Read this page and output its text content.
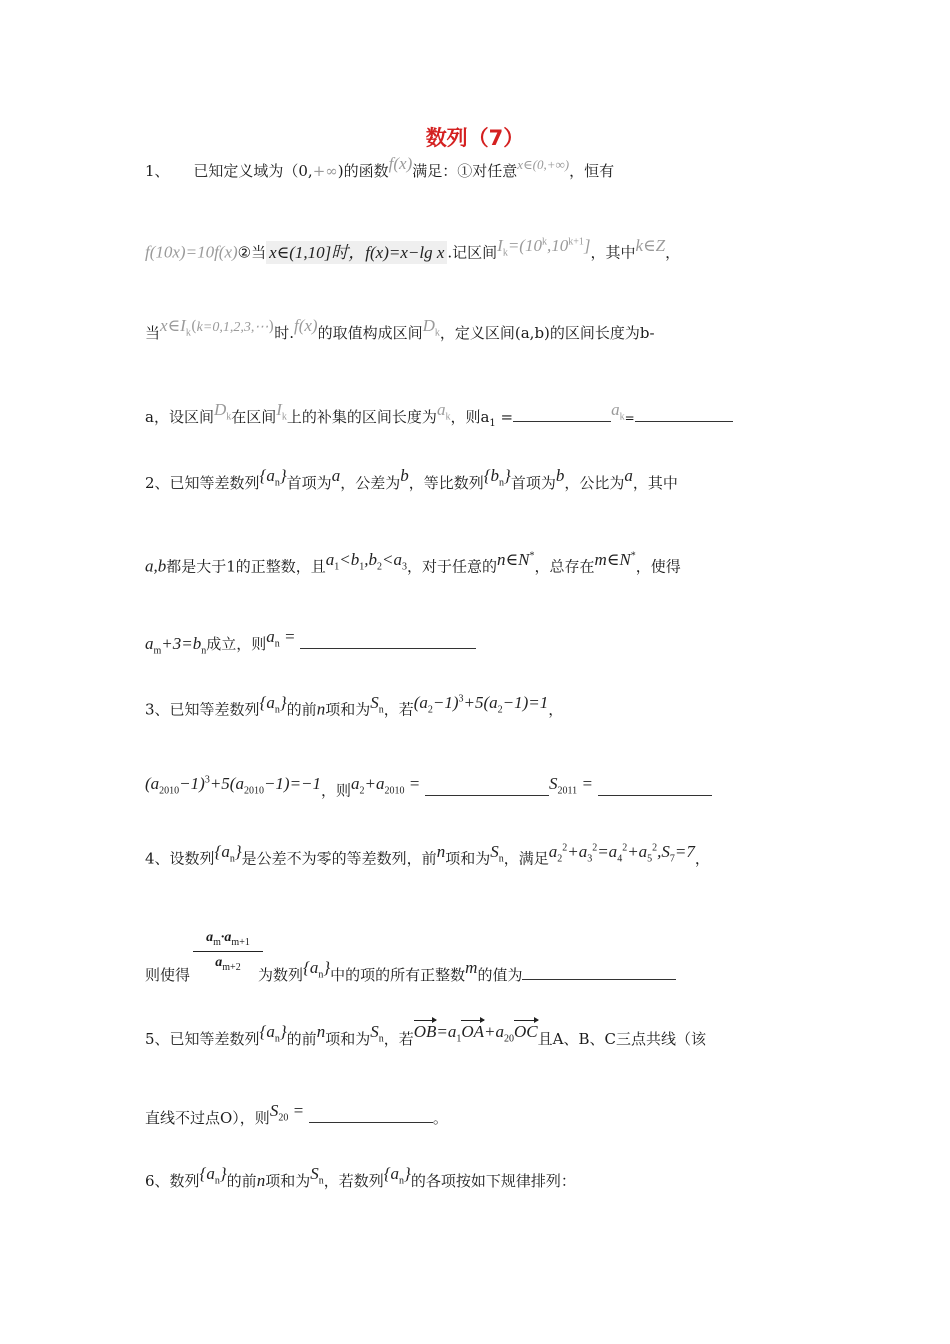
数列（7）
1、 已知定义域为（0,+∞)的函数f(x)满足：①对任意x∈(0,+∞)，恒有
f(10x)=10f(x)②当 x∈(1,10]时，f(x)=x−lg x .记区间$I_k=(10^k,10^{k+1}]$，其中k∈Z，
当$x\in I_k(k=0,1,2,3,\cdots)$时.f(x)的取值构成区间$D_k$，定义区间(a,b)的区间长度为b-
a，设区间$D_k$在区间$I_k$上的补集的区间长度为$a_k$，则$a_1$ =	$a_k=$
2、已知等差数列$\{a_n\}$首项为a，公差为b，等比数列$\{b_n\}$首项为b，公比为a，其中
a,b都是大于1的正整数，且$a_1<b_1,b_2<a_3$，对于任意的n∈N*，总存在m∈N*，使得
$a_m+3=b_n$成立，则$a_n$ =
3、已知等差数列$\{a_n\}$的前n项和为$S_n$，若$(a_2-1)^3+5(a_2-1)=1$，
$(a_{2010}-1)^3+5(a_{2010}-1)=-1$，则$a_2+a_{2010}$ =	$S_{2011}$ =
4、设数列$\{a_n\}$是公差不为零的等差数列，前n项和为$S_n$，满足$a_2^2+a_3^2=a_4^2+a_5^2,S_7=7$，
$\frac{a_m\cdot a_{m+1}}{a_{m+2}}$
则使得	为数列$\{a_n\}$中的项的所有正整数m的值为
5、已知等差数列$\{a_n\}$的前n项和为$S_n$，若$OB=a_1OA+a_{20}OC$且A、B、C三点共线（该
直线不过点O），则$S_{20}$ =	。
6、数列$\{a_n\}$的前n项和为$S_n$，若数列$\{a_n\}$的各项按如下规律排列：
